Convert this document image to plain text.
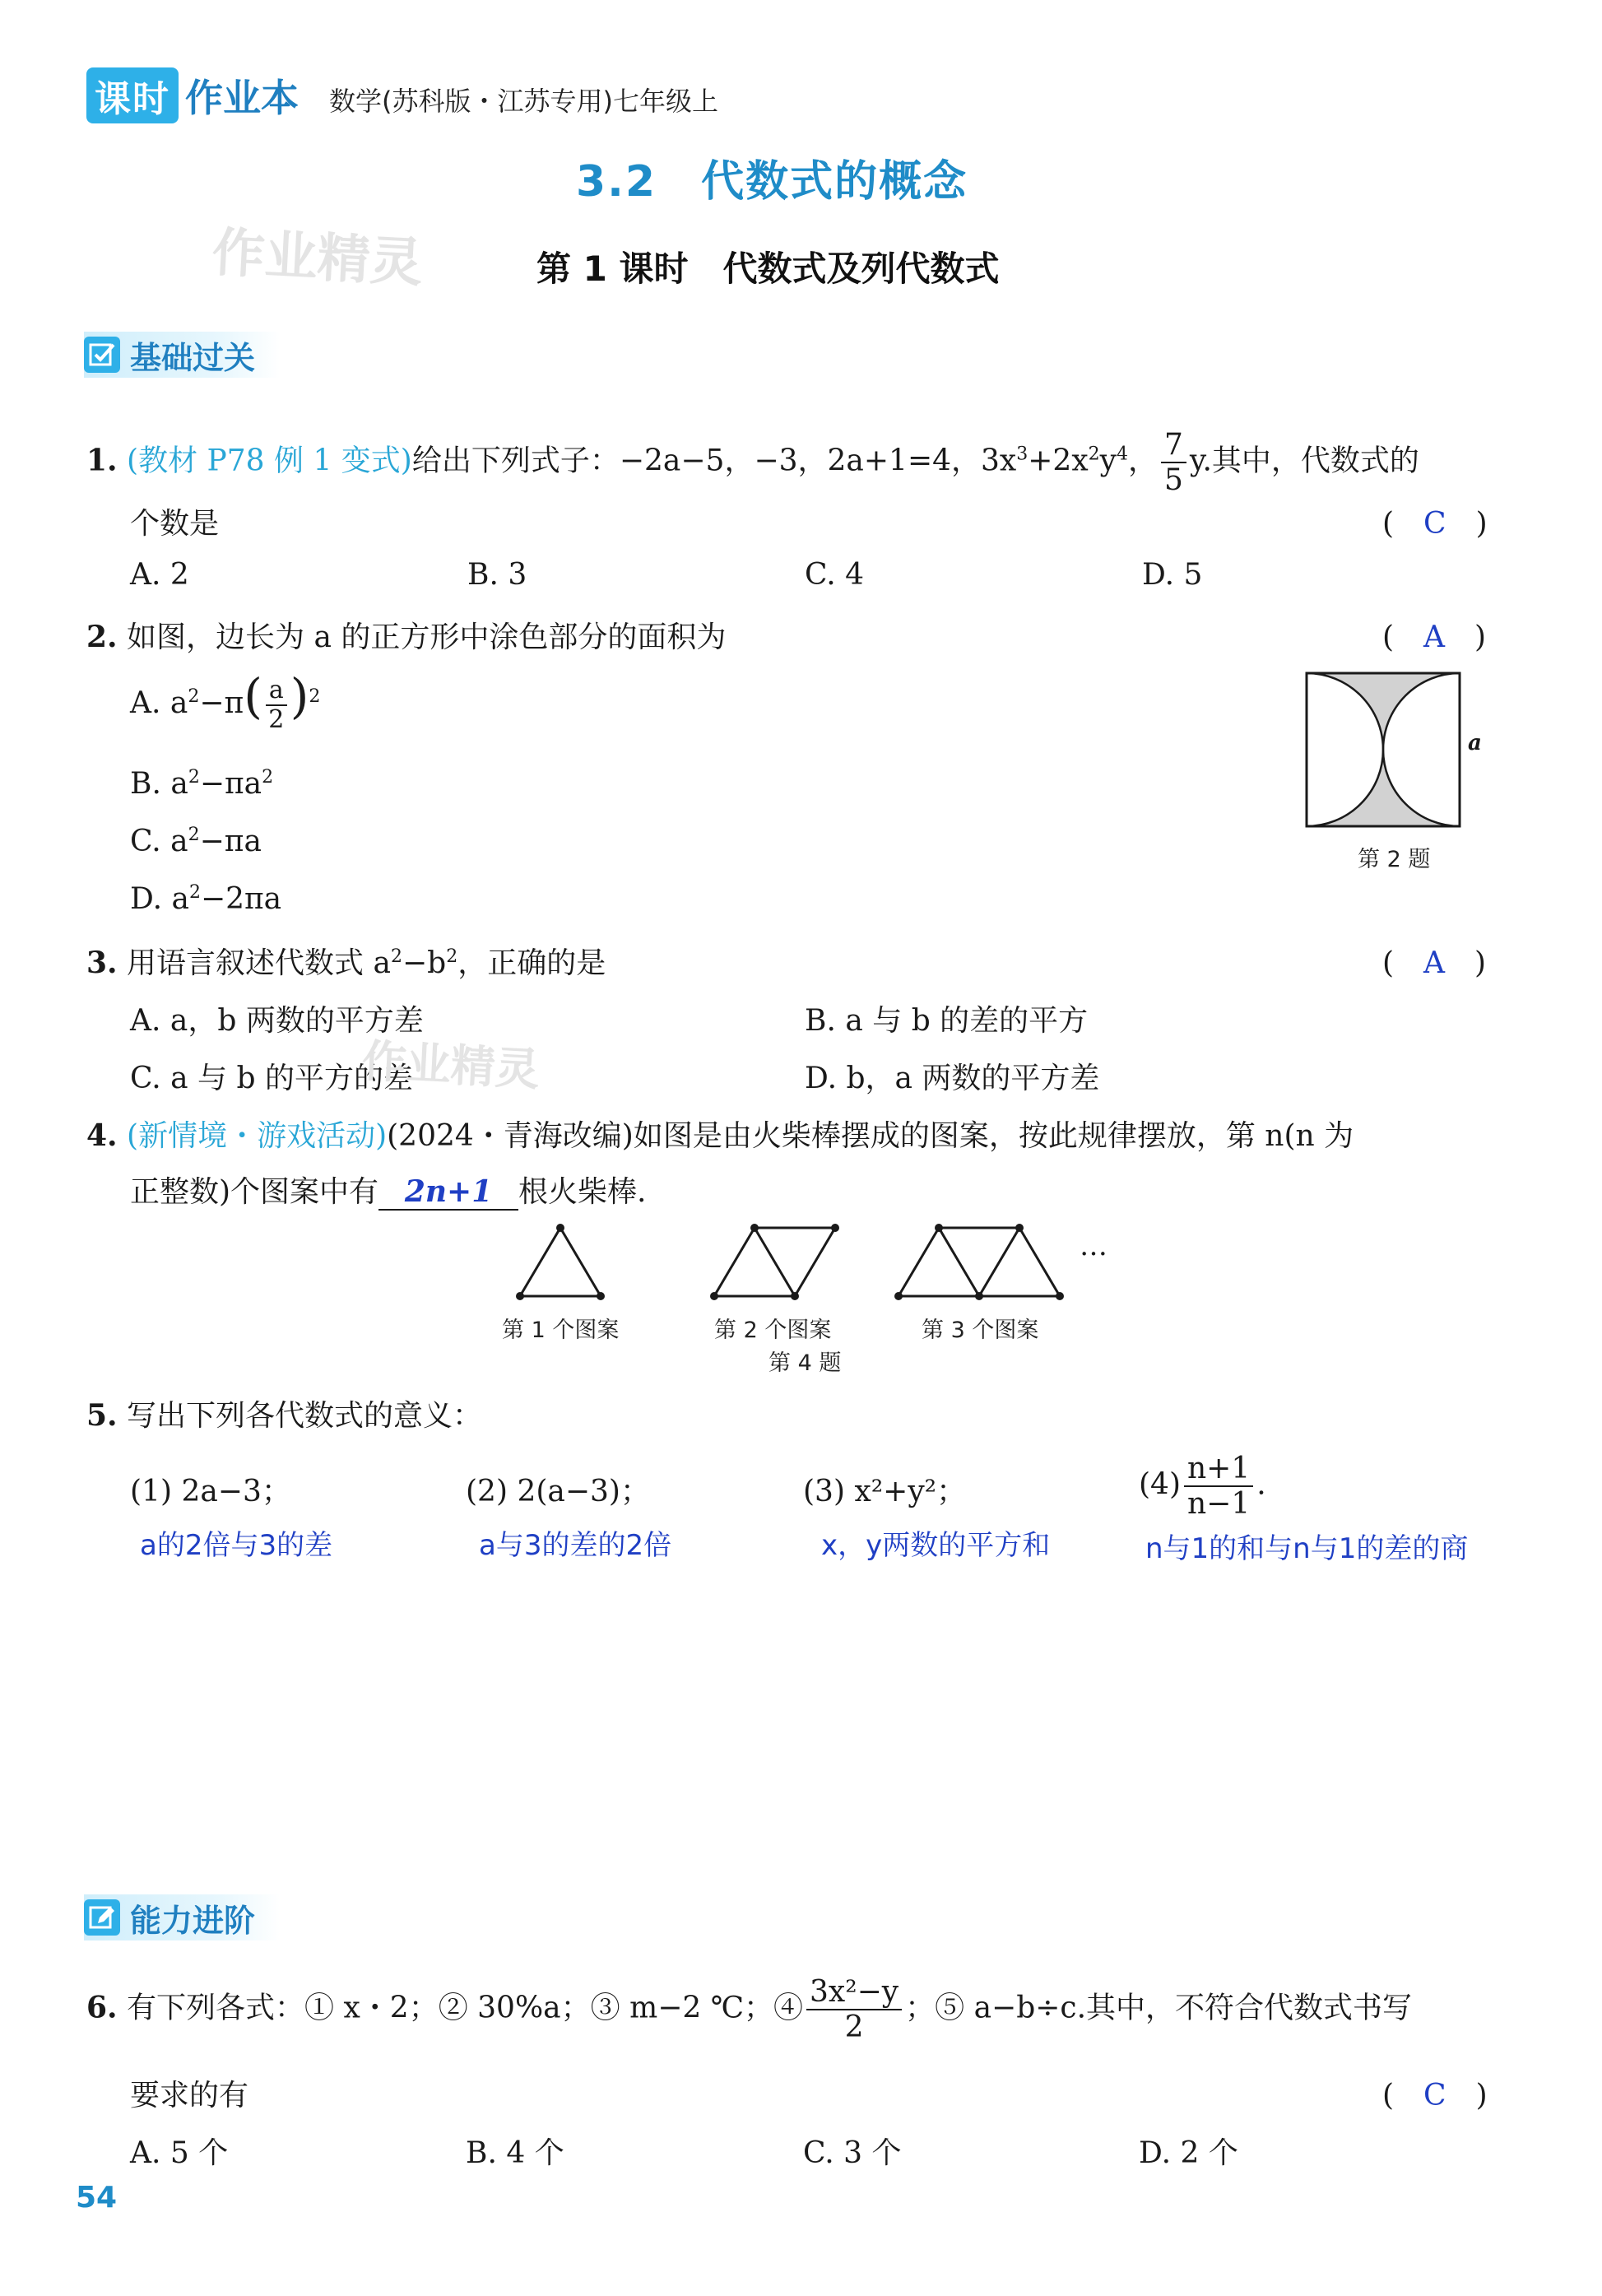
课时 作业本 数学(苏科版・江苏专用)七年级上
3.2　代数式的概念
作业精灵	第 1 课时　代数式及列代数式
基础过关
1. (教材 P78 例 1 变式)给出下列式子：−2a−5，−3，2a+1=4，$3x^3+2x^2y^4$， $\frac{7}{5} y$.其中，代数式的
个数是	(　C　)
A. 2	B. 3	C. 4	D. 5
2. 如图，边长为 a 的正方形中涂色部分的面积为	(　A　)
A. $a^2-\pi( \frac{a}{2} )^2$
B. $a^2-\pi a^2$
C. $a^2-\pi a$
D. $a^2-2\pi a$
a
第 2 题
3. 用语言叙述代数式 $a^2-b^2$，正确的是	(　A　)
A. a，b 两数的平方差	B. a 与 b 的差的平方
C. a 与 b 的平方的差	D. b，a 两数的平方差
作业精灵
4. (新情境・游戏活动)(2024・青海改编)如图是由火柴棒摆成的图案，按此规律摆放，第 n(n 为
正整数)个图案中有 2n+1 根火柴棒.
…
第 1 个图案	第 2 个图案	第 3 个图案
第 4 题
5. 写出下列各代数式的意义：
(1) 2a−3；	(2) 2(a−3)；	(3) x²+y²；	$(4) \frac{n+1}{n-1}$ .
a的2倍与3的差	a与3的差的2倍	x，y两数的平方和	n与1的和与n与1的差的商
能力进阶
6. 有下列各式：① x・2；② 30%a；③ m−2 ℃；④ $\frac{\text{3x²−y}}{2}$ ；⑤ a−b÷c.其中，不符合代数式书写
要求的有	(　C　)
A. 5 个	B. 4 个	C. 3 个	D. 2 个
54
